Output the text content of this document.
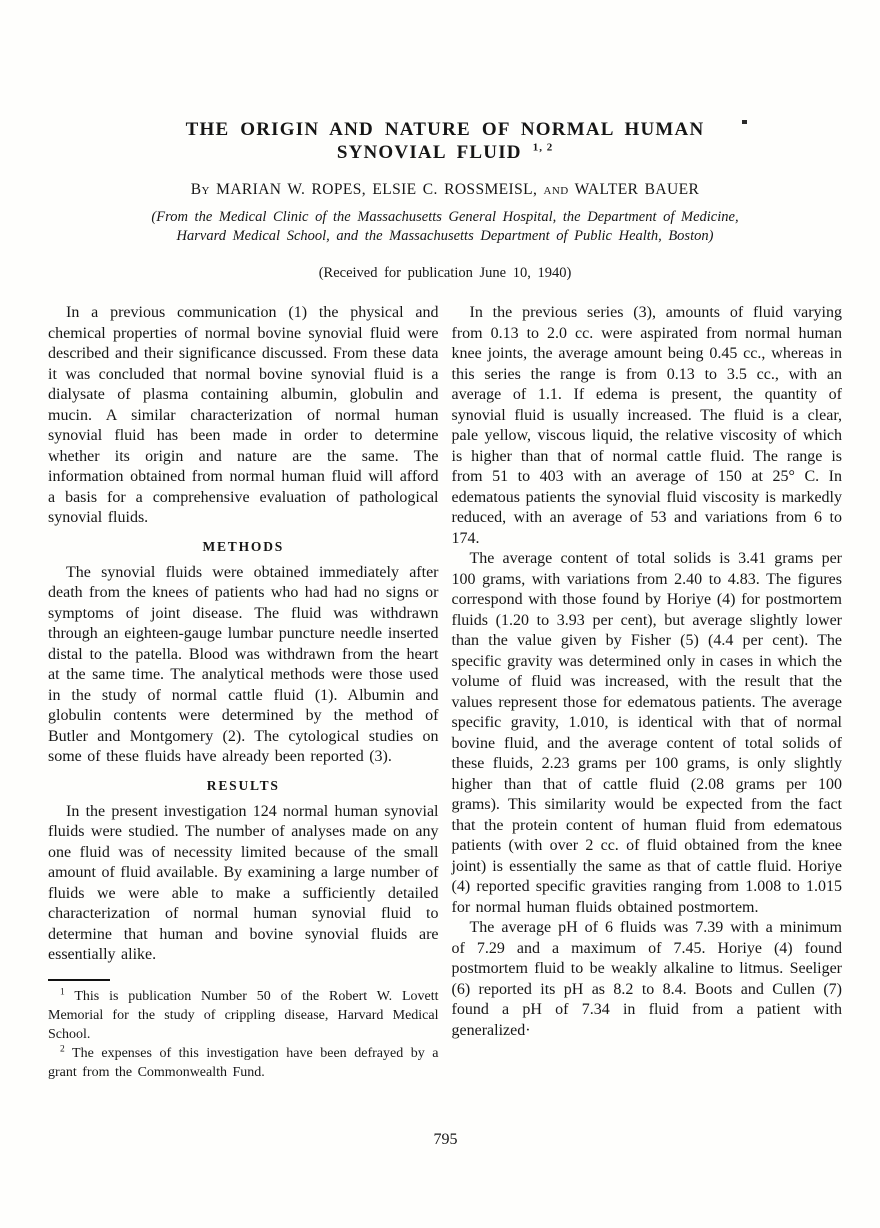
THE ORIGIN AND NATURE OF NORMAL HUMAN
SYNOVIAL FLUID $^{1, 2}$
By MARIAN W. ROPES, ELSIE C. ROSSMEISL, and WALTER BAUER
(From the Medical Clinic of the Massachusetts General Hospital, the Department of Medicine,
Harvard Medical School, and the Massachusetts Department of Public Health, Boston)
(Received for publication June 10, 1940)

In a previous communication (1) the physical and chemical properties of normal bovine synovial fluid were described and their significance discussed. From these data it was concluded that normal bovine synovial fluid is a dialysate of plasma containing albumin, globulin and mucin. A similar characterization of normal human synovial fluid has been made in order to determine whether its origin and nature are the same. The information obtained from normal human fluid will afford a basis for a comprehensive evaluation of pathological synovial fluids.

METHODS

The synovial fluids were obtained immediately after death from the knees of patients who had had no signs or symptoms of joint disease. The fluid was withdrawn through an eighteen-gauge lumbar puncture needle inserted distal to the patella. Blood was withdrawn from the heart at the same time. The analytical methods were those used in the study of normal cattle fluid (1). Albumin and globulin contents were determined by the method of Butler and Montgomery (2). The cytological studies on some of these fluids have already been reported (3).

RESULTS

In the present investigation 124 normal human synovial fluids were studied. The number of analyses made on any one fluid was of necessity limited because of the small amount of fluid available. By examining a large number of fluids we were able to make a sufficiently detailed characterization of normal human synovial fluid to determine that human and bovine synovial fluids are essentially alike.

$^1$ This is publication Number 50 of the Robert W. Lovett Memorial for the study of crippling disease, Harvard Medical School.

$^2$ The expenses of this investigation have been defrayed by a grant from the Commonwealth Fund.

In the previous series (3), amounts of fluid varying from 0.13 to 2.0 cc. were aspirated from normal human knee joints, the average amount being 0.45 cc., whereas in this series the range is from 0.13 to 3.5 cc., with an average of 1.1. If edema is present, the quantity of synovial fluid is usually increased. The fluid is a clear, pale yellow, viscous liquid, the relative viscosity of which is higher than that of normal cattle fluid. The range is from 51 to 403 with an average of 150 at 25° C. In edematous patients the synovial fluid viscosity is markedly reduced, with an average of 53 and variations from 6 to 174.

The average content of total solids is 3.41 grams per 100 grams, with variations from 2.40 to 4.83. The figures correspond with those found by Horiye (4) for postmortem fluids (1.20 to 3.93 per cent), but average slightly lower than the value given by Fisher (5) (4.4 per cent). The specific gravity was determined only in cases in which the volume of fluid was increased, with the result that the values represent those for edematous patients. The average specific gravity, 1.010, is identical with that of normal bovine fluid, and the average content of total solids of these fluids, 2.23 grams per 100 grams, is only slightly higher than that of cattle fluid (2.08 grams per 100 grams). This similarity would be expected from the fact that the protein content of human fluid from edematous patients (with over 2 cc. of fluid obtained from the knee joint) is essentially the same as that of cattle fluid. Horiye (4) reported specific gravities ranging from 1.008 to 1.015 for normal human fluids obtained postmortem.

The average pH of 6 fluids was 7.39 with a minimum of 7.29 and a maximum of 7.45. Horiye (4) found postmortem fluid to be weakly alkaline to litmus. Seeliger (6) reported its pH as 8.2 to 8.4. Boots and Cullen (7) found a pH of 7.34 in fluid from a patient with generalized·

795
